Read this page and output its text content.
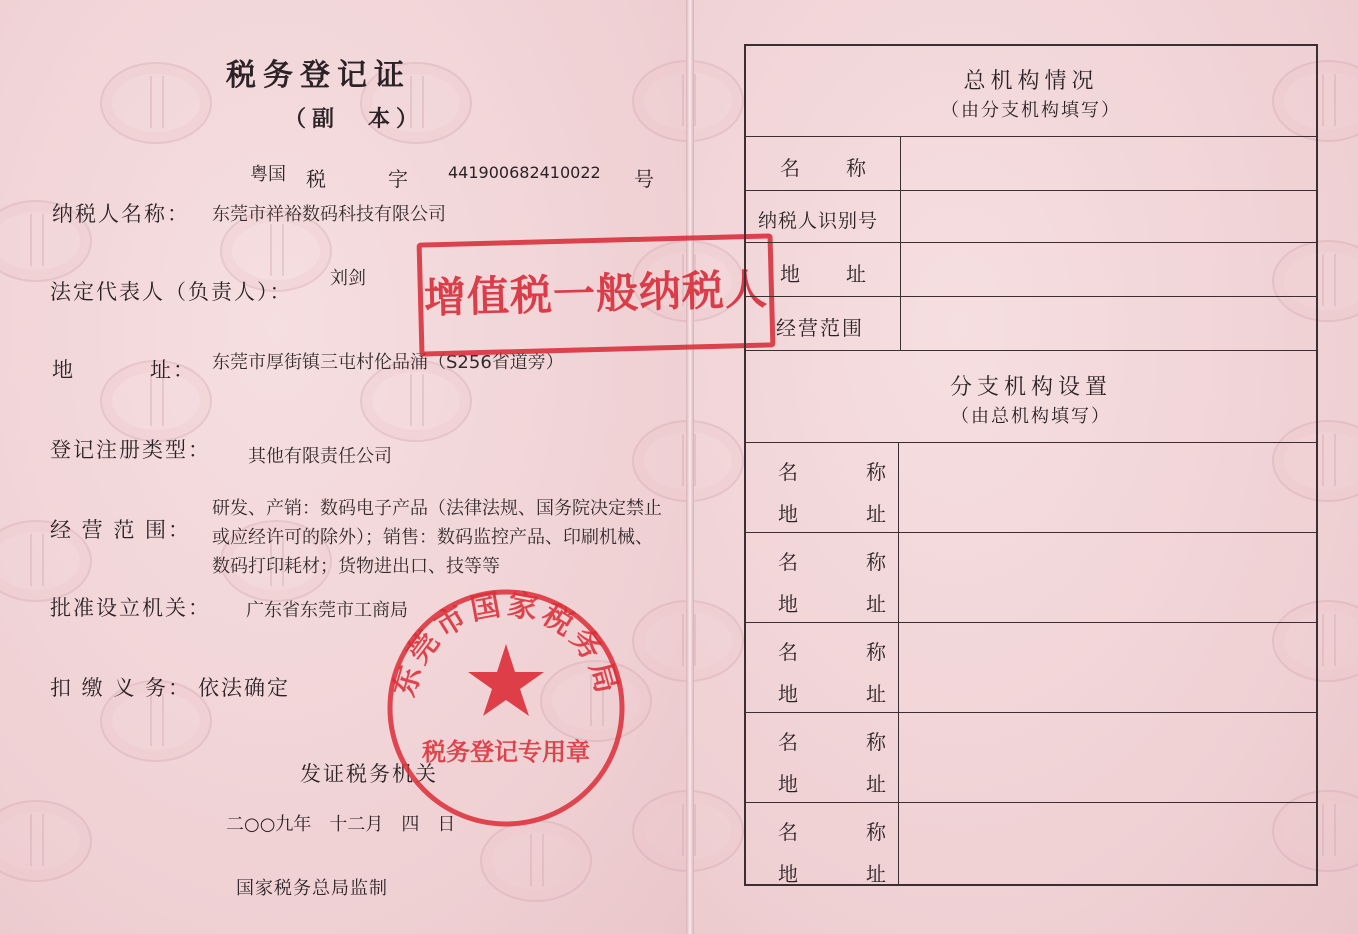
税务登记证
（副　本）
粤国 税	字	441900682410022 号
纳税人名称： 东莞市祥裕数码科技有限公司
法定代表人（负责人）：
刘剑
地	址： 东莞市厚街镇三屯村伦品涌（S256省道旁）
登记注册类型： 其他有限责任公司
经 营 范 围：
研发、产销：数码电子产品（法律法规、国务院决定禁止或应经许可的除外）；销售：数码监控产品、印刷机械、数码打印耗材；货物进出口、技等等
批准设立机关： 广东省东莞市工商局
扣 缴 义 务： 依法确定
发证税务机关
二○○九年　十二月　四　日
国家税务总局监制
增值税一般纳税人
东莞市国家税务局
税务登记专用章
总机构情况
（由分支机构填写）
名　　称
纳税人识别号
地　　址
经营范围
分支机构设置
（由总机构填写）
名　　　称
地　　　址
名　　　称
地　　　址
名　　　称
地　　　址
名　　　称
地　　　址
名　　　称
地　　　址
